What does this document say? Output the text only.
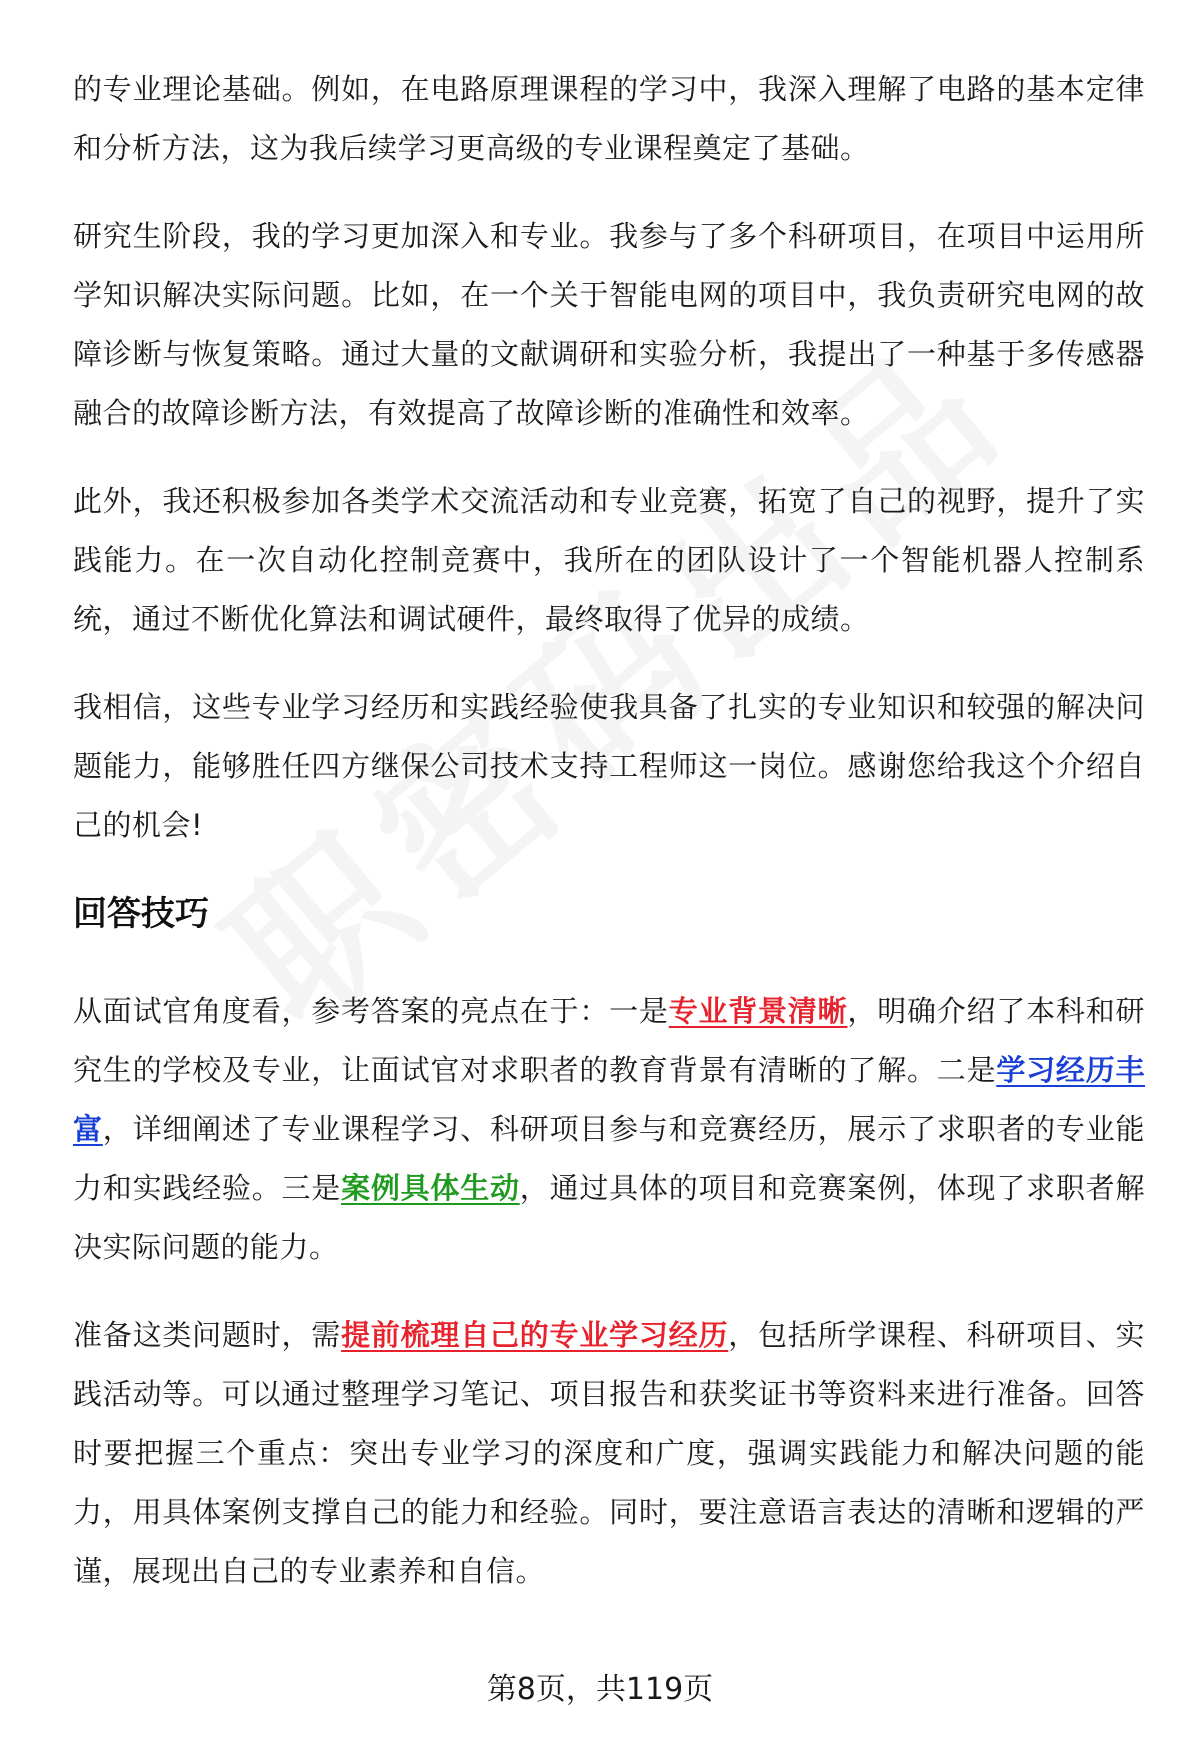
的专业理论基础。例如，在电路原理课程的学习中，我深入理解了电路的基本定律和分析方法，这为我后续学习更高级的专业课程奠定了基础。

研究生阶段，我的学习更加深入和专业。我参与了多个科研项目，在项目中运用所学知识解决实际问题。比如，在一个关于智能电网的项目中，我负责研究电网的故障诊断与恢复策略。通过大量的文献调研和实验分析，我提出了一种基于多传感器融合的故障诊断方法，有效提高了故障诊断的准确性和效率。

此外，我还积极参加各类学术交流活动和专业竞赛，拓宽了自己的视野，提升了实践能力。在一次自动化控制竞赛中，我所在的团队设计了一个智能机器人控制系统，通过不断优化算法和调试硬件，最终取得了优异的成绩。

我相信，这些专业学习经历和实践经验使我具备了扎实的专业知识和较强的解决问题能力，能够胜任四方继保公司技术支持工程师这一岗位。感谢您给我这个介绍自己的机会!

回答技巧

从面试官角度看，参考答案的亮点在于：一是专业背景清晰，明确介绍了本科和研究生的学校及专业，让面试官对求职者的教育背景有清晰的了解。二是学习经历丰富，详细阐述了专业课程学习、科研项目参与和竞赛经历，展示了求职者的专业能力和实践经验。三是案例具体生动，通过具体的项目和竞赛案例，体现了求职者解决实际问题的能力。

准备这类问题时，需提前梳理自己的专业学习经历，包括所学课程、科研项目、实践活动等。可以通过整理学习笔记、项目报告和获奖证书等资料来进行准备。回答时要把握三个重点：突出专业学习的深度和广度，强调实践能力和解决问题的能力，用具体案例支撑自己的能力和经验。同时，要注意语言表达的清晰和逻辑的严谨，展现出自己的专业素养和自信。

第8页，共119页
